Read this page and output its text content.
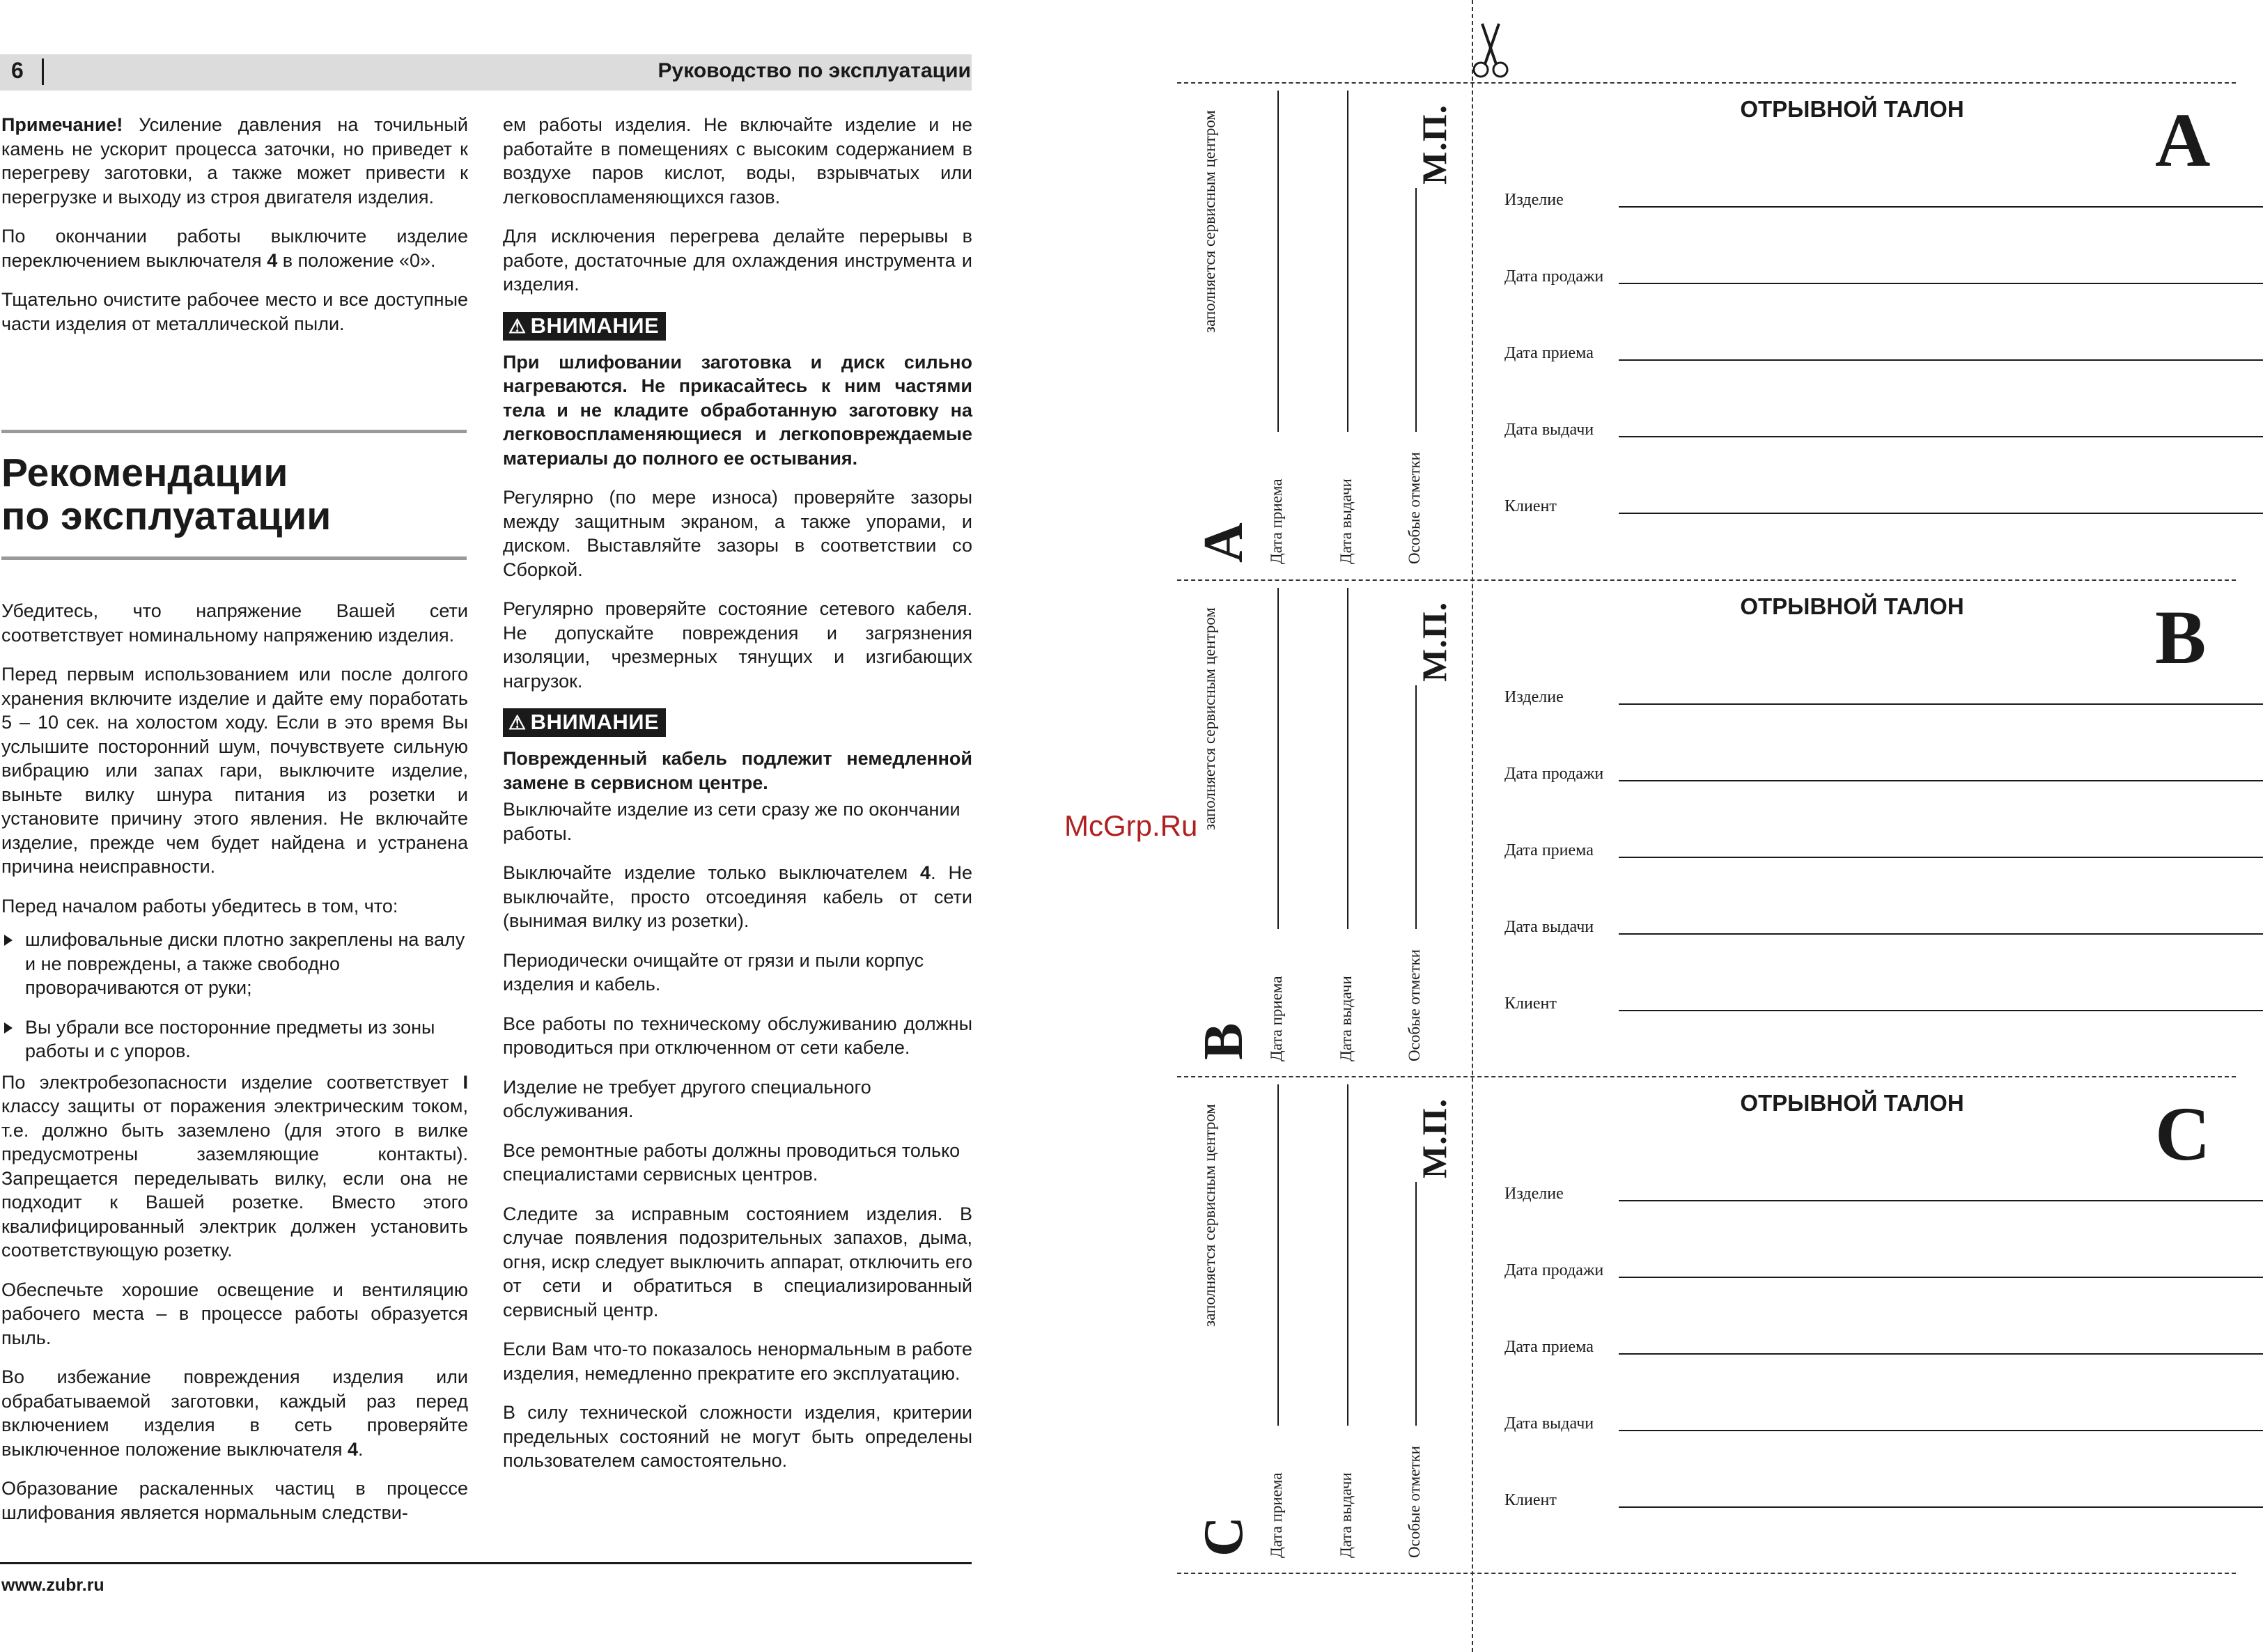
6	Руководство по эксплуатации

Примечание! Усиление давления на точильный камень не ускорит процесса заточки, но приведет к перегреву заготовки, а также может привести к перегрузке и выходу из строя двигателя изделия.

По окончании работы выключите изделие переключением выключателя 4 в положение «0».

Тщательно очистите рабочее место и все доступные части изделия от металлической пыли.

Рекомендации
по эксплуатации

Убедитесь, что напряжение Вашей сети соответствует номинальному напряжению изделия.

Перед первым использованием или после долгого хранения включите изделие и дайте ему поработать 5 – 10 сек. на холостом ходу. Если в это время Вы услышите посторонний шум, почувствуете сильную вибрацию или запах гари, выключите изделие, выньте вилку шнура питания из розетки и установите причину этого явления. Не включайте изделие, прежде чем будет найдена и устранена причина неисправности.

Перед началом работы убедитесь в том, что:

шлифовальные диски плотно закреплены на валу и не повреждены, а также свободно проворачиваются от руки;

Вы убрали все посторонние предметы из зоны работы и с упоров.

По электробезопасности изделие соответствует I классу защиты от поражения электрическим током, т.е. должно быть заземлено (для этого в вилке предусмотрены заземляющие контакты). Запрещается переделывать вилку, если она не подходит к Вашей розетке. Вместо этого квалифицированный электрик должен установить соответствующую розетку.

Обеспечьте хорошие освещение и вентиляцию рабочего места – в процессе работы образуется пыль.

Во избежание повреждения изделия или обрабатываемой заготовки, каждый раз перед включением изделия в сеть проверяйте выключенное положение выключателя 4.

Образование раскаленных частиц в процессе шлифования является нормальным следстви-

ем работы изделия. Не включайте изделие и не работайте в помещениях с высоким содержанием в воздухе паров кислот, воды, взрывчатых или легковоспламеняющихся газов.

Для исключения перегрева делайте перерывы в работе, достаточные для охлаждения инструмента и изделия.

⚠ ВНИМАНИЕ

При шлифовании заготовка и диск сильно нагреваются. Не прикасайтесь к ним частями тела и не кладите обработанную заготовку на легковоспламеняющиеся и легкоповреждаемые материалы до полного ее остывания.

Регулярно (по мере износа) проверяйте зазоры между защитным экраном, а также упорами, и диском. Выставляйте зазоры в соответствии со Сборкой.

Регулярно проверяйте состояние сетевого кабеля. Не допускайте повреждения и загрязнения изоляции, чрезмерных тянущих и изгибающих нагрузок.

⚠ ВНИМАНИЕ

Поврежденный кабель подлежит немедленной замене в сервисном центре.

Выключайте изделие из сети сразу же по окончании работы.

Выключайте изделие только выключателем 4. Не выключайте, просто отсоединяя кабель от сети (вынимая вилку из розетки).

Периодически очищайте от грязи и пыли корпус изделия и кабель.

Все работы по техническому обслуживанию должны проводиться при отключенном от сети кабеле.

Изделие не требует другого специального обслуживания.

Все ремонтные работы должны проводиться только специалистами сервисных центров.

Следите за исправным состоянием изделия. В случае появления подозрительных запахов, дыма, огня, искр следует выключить аппарат, отключить его от сети и обратиться в специализированный сервисный центр.

Если Вам что-то показалось ненормальным в работе изделия, немедленно прекратите его эксплуатацию.

В силу технической сложности изделия, критерии предельных состояний не могут быть определены пользователем самостоятельно.

www.zubr.ru
McGrp.Ru
ОТРЫВНОЙ ТАЛОН	A
Изделие
Дата продажи
Дата приема
Дата выдачи
Клиент
ОТРЫВНОЙ ТАЛОН	B
Изделие
Дата продажи
Дата приема
Дата выдачи
Клиент
ОТРЫВНОЙ ТАЛОН	C
Изделие
Дата продажи
Дата приема
Дата выдачи
Клиент
заполняется сервисным центром
A Дата приема	Дата выдачи	Особые отметки
М.П.
заполняется сервисным центром
B Дата приема	Дата выдачи	Особые отметки
М.П.
заполняется сервисным центром
C Дата приема	Дата выдачи	Особые отметки
М.П.
